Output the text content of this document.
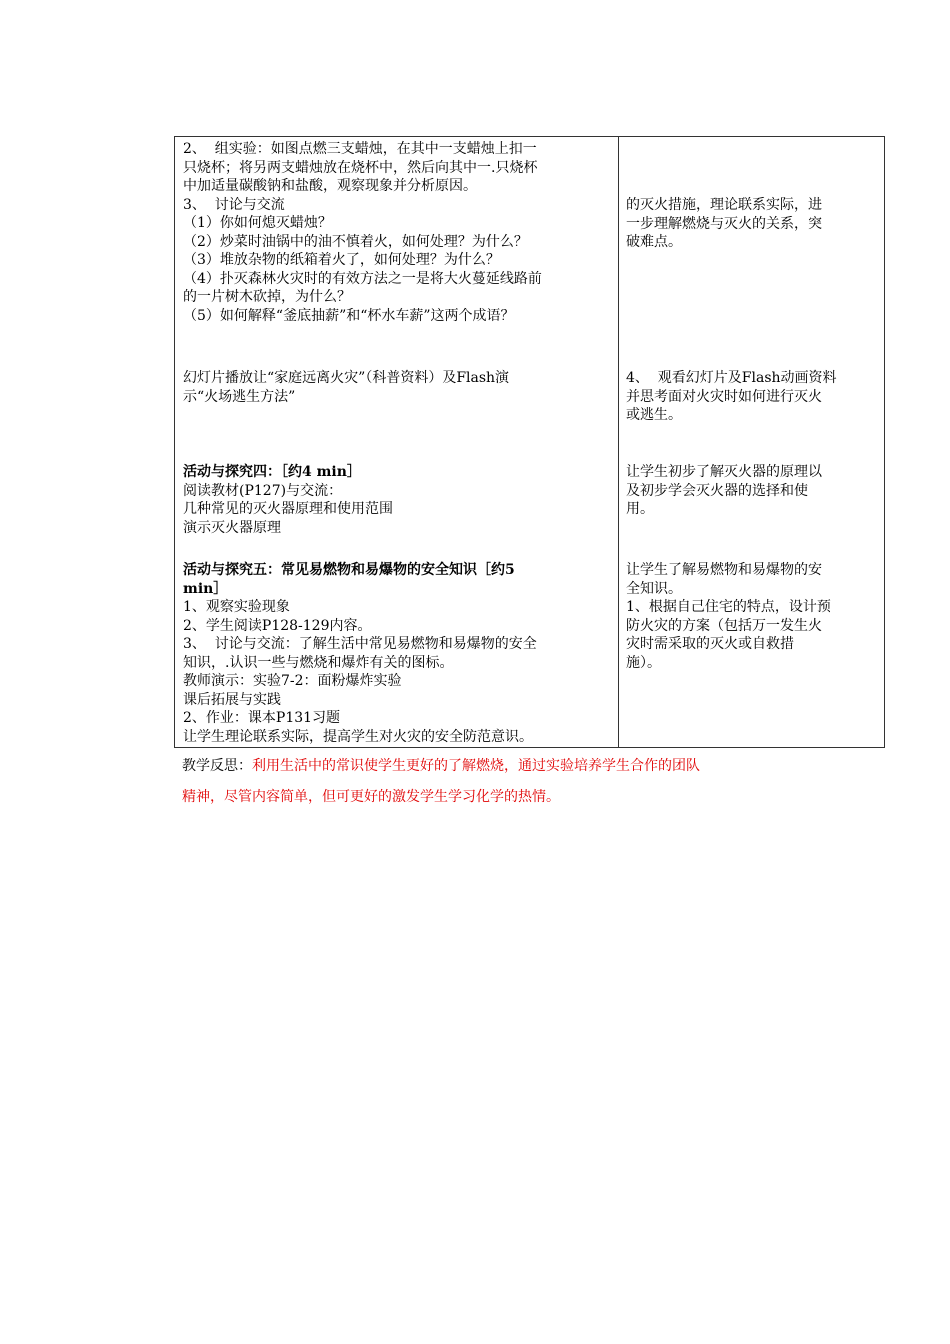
2、  组实验：如图点燃三支蜡烛，在其中一支蜡烛上扣一

只烧杯；将另两支蜡烛放在烧杯中，然后向其中一.只烧杯

中加适量碳酸钠和盐酸，观察现象并分析原因。

3、  讨论与交流

（1）你如何熄灭蜡烛？

（2）炒菜时油锅中的油不慎着火，如何处理？为什么？

（3）堆放杂物的纸箱着火了，如何处理？为什么？

（4）扑灭森林火灾时的有效方法之一是将大火蔓延线路前

的一片树木砍掉，为什么？

（5）如何解释“釜底抽薪”和“杯水车薪”这两个成语？

幻灯片播放让“家庭远离火灾”（科普资料）及Flash演

示“火场逃生方法”

活动与探究四：［约4 min］

阅读教材(P127)与交流：

几种常见的灭火器原理和使用范围

演示灭火器原理

活动与探究五：常见易燃物和易爆物的安全知识［约5

min］

1、观察实验现象

2、学生阅读P128-129内容。

3、  讨论与交流：了解生活中常见易燃物和易爆物的安全

知识，.认识一些与燃烧和爆炸有关的图标。

教师演示：实验7-2：面粉爆炸实验

课后拓展与实践

2、作业：课本P131习题

让学生理论联系实际，提高学生对火灾的安全防范意识。

的灭火措施，理论联系实际，进

一步理解燃烧与灭火的关系，突

破难点。

4、  观看幻灯片及Flash动画资料

并思考面对火灾时如何进行灭火

或逃生。

让学生初步了解灭火器的原理以

及初步学会灭火器的选择和使

用。

让学生了解易燃物和易爆物的安

全知识。

1、根据自己住宅的特点，设计预

防火灾的方案（包括万一发生火

灾时需采取的灭火或自救措

施）。

教学反思：利用生活中的常识使学生更好的了解燃烧，通过实验培养学生合作的团队
精神，尽管内容简单，但可更好的激发学生学习化学的热情。
